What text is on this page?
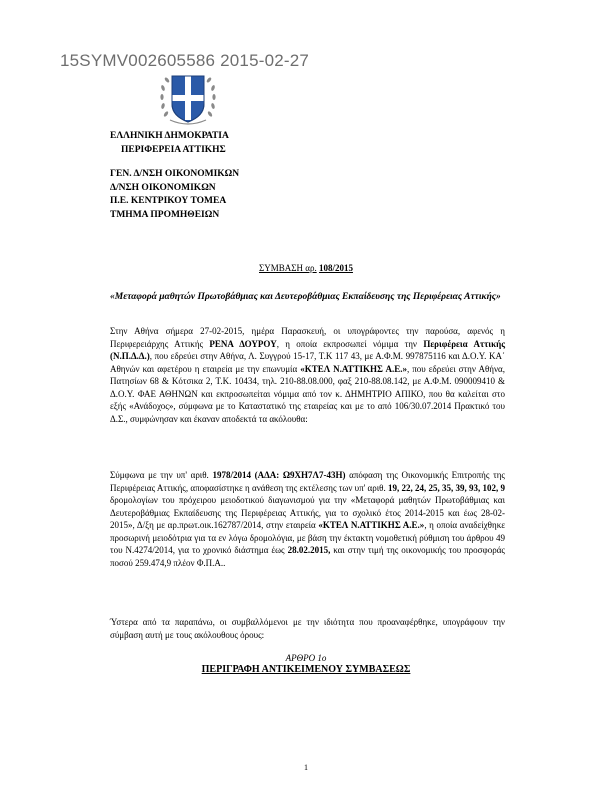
15SYMV002605586 2015-02-27
ΕΛΛΗΝΙΚΗ ΔΗΜΟΚΡΑΤΙΑ
ΠΕΡΙΦΕΡΕΙΑ ΑΤΤΙΚΗΣ
ΓΕΝ. Δ/ΝΣΗ ΟΙΚΟΝΟΜΙΚΩΝ
Δ/ΝΣΗ ΟΙΚΟΝΟΜΙΚΩΝ
Π.Ε. ΚΕΝΤΡΙΚΟΥ ΤΟΜΕΑ
ΤΜΗΜΑ ΠΡΟΜΗΘΕΙΩΝ
ΣΥΜΒΑΣΗ αρ. 108/2015
«Μεταφορά μαθητών Πρωτοβάθμιας και Δευτεροβάθμιας Εκπαίδευσης της Περιφέρειας Αττικής»

Στην Αθήνα σήμερα 27-02-2015, ημέρα Παρασκευή, οι υπογράφοντες την παρούσα, αφενός η Περιφερειάρχης Αττικής ΡΕΝΑ ΔΟΥΡΟΥ, η οποία εκπροσωπεί νόμιμα την Περιφέρεια Αττικής (Ν.Π.Δ.Δ.), που εδρεύει στην Αθήνα, Λ. Συγγρού 15-17, Τ.Κ 117 43, με Α.Φ.Μ. 997875116 και Δ.Ο.Υ. ΚΑ΄ Αθηνών και αφετέρου η εταιρεία με την επωνυμία «ΚΤΕΛ Ν.ΑΤΤΙΚΗΣ Α.Ε.», που εδρεύει στην Αθήνα, Πατησίων 68 & Κότσικα 2, Τ.Κ. 10434, τηλ. 210-88.08.000, φαξ 210-88.08.142, με Α.Φ.Μ. 090009410 & Δ.Ο.Υ. ΦΑΕ ΑΘΗΝΩΝ και εκπροσωπείται νόμιμα από τον κ. ΔΗΜΗΤΡΙΟ ΑΠΙΚΟ, που θα καλείται στο εξής «Ανάδοχος», σύμφωνα με το Καταστατικό της εταιρείας και με το από 106/30.07.2014 Πρακτικό του Δ.Σ., συμφώνησαν και έκαναν αποδεκτά τα ακόλουθα:

Σύμφωνα με την υπ' αριθ. 1978/2014 (ΑΔΑ: Ω9ΧΗ7Λ7-43Η) απόφαση της Οικονομικής Επιτροπής της Περιφέρειας Αττικής, αποφασίστηκε η ανάθεση της εκτέλεσης των υπ' αριθ. 19, 22, 24, 25, 35, 39, 93, 102, 9 δρομολογίων του πρόχειρου μειοδοτικού διαγωνισμού για την «Μεταφορά μαθητών Πρωτοβάθμιας και Δευτεροβάθμιας Εκπαίδευσης της Περιφέρειας Αττικής, για το σχολικό έτος 2014-2015 και έως 28-02-2015», Δ/ξη με αρ.πρωτ.οικ.162787/2014, στην εταιρεία «ΚΤΕΛ Ν.ΑΤΤΙΚΗΣ Α.Ε.», η οποία αναδείχθηκε προσωρινή μειοδότρια για τα εν λόγω δρομολόγια, με βάση την έκτακτη νομοθετική ρύθμιση του άρθρου 49 του Ν.4274/2014, για το χρονικό διάστημα έως 28.02.2015, και στην τιμή της οικονομικής του προσφοράς ποσού 259.474,9 πλέον Φ.Π.Α..

Ύστερα από τα παραπάνω, οι συμβαλλόμενοι με την ιδιότητα που προαναφέρθηκε, υπογράφουν την σύμβαση αυτή με τους ακόλουθους όρους:

ΑΡΘΡΟ 1ο
ΠΕΡΙΓΡΑΦΗ ΑΝΤΙΚΕΙΜΕΝΟΥ ΣΥΜΒΑΣΕΩΣ
1
